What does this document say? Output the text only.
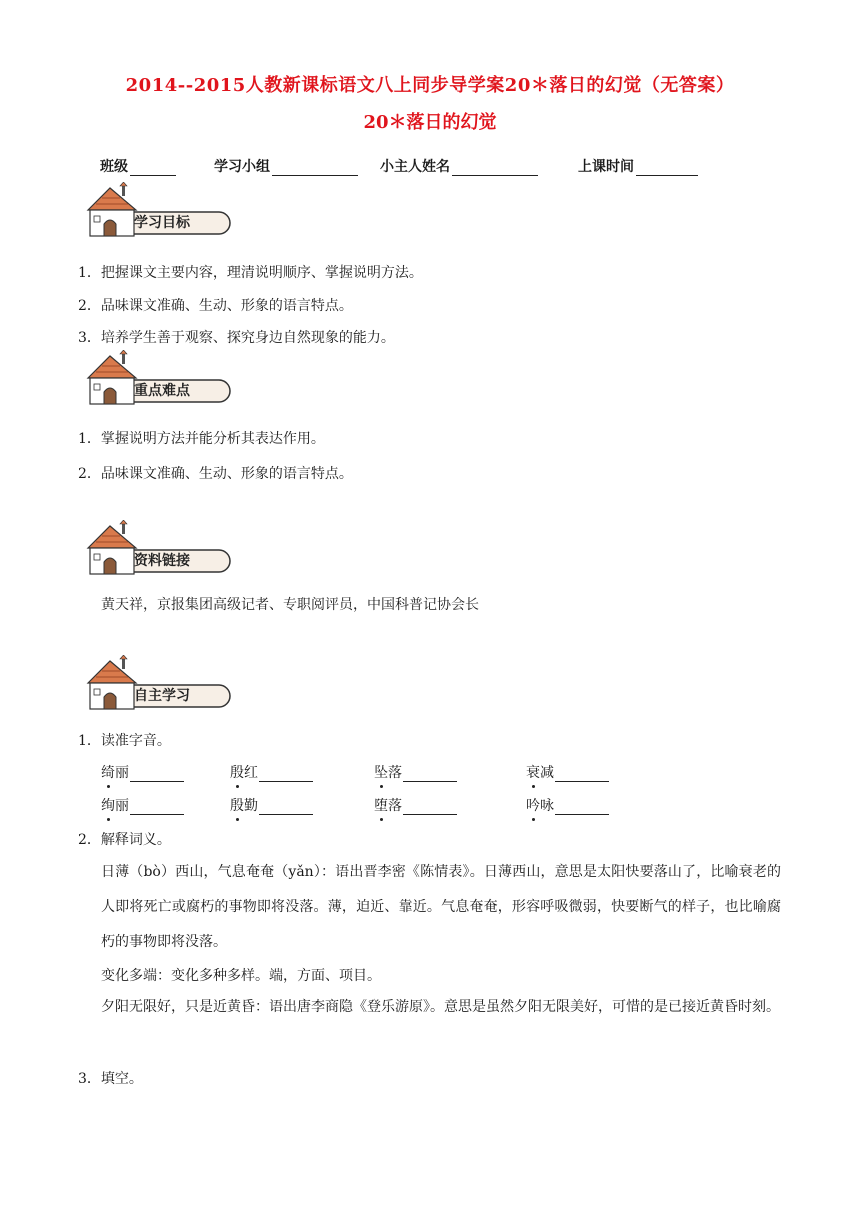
2014--2015人教新课标语文八上同步导学案20＊落日的幻觉（无答案）
20＊落日的幻觉
班级	学习小组	小主人姓名	上课时间
学习目标
1．把握课文主要内容，理清说明顺序、掌握说明方法。
2．品味课文准确、生动、形象的语言特点。
3．培养学生善于观察、探究身边自然现象的能力。
重点难点
1．掌握说明方法并能分析其表达作用。
2．品味课文准确、生动、形象的语言特点。
资料链接
黄天祥，京报集团高级记者、专职阅评员，中国科普记协会长
自主学习
1．读准字音。
绮丽	殷红	坠落	衰减
绚丽	殷勤	堕落	吟咏
2．解释词义。
日薄（bò）西山，气息奄奄（yǎn）：语出晋李密《陈情表》。日薄西山，意思是太阳快要落山了，比喻衰老的人即将死亡或腐朽的事物即将没落。薄，迫近、靠近。气息奄奄，形容呼吸微弱，快要断气的样子，也比喻腐朽的事物即将没落。
变化多端：变化多种多样。端，方面、项目。
夕阳无限好，只是近黄昏：语出唐李商隐《登乐游原》。意思是虽然夕阳无限美好，可惜的是已接近黄昏时刻。
3．填空。
